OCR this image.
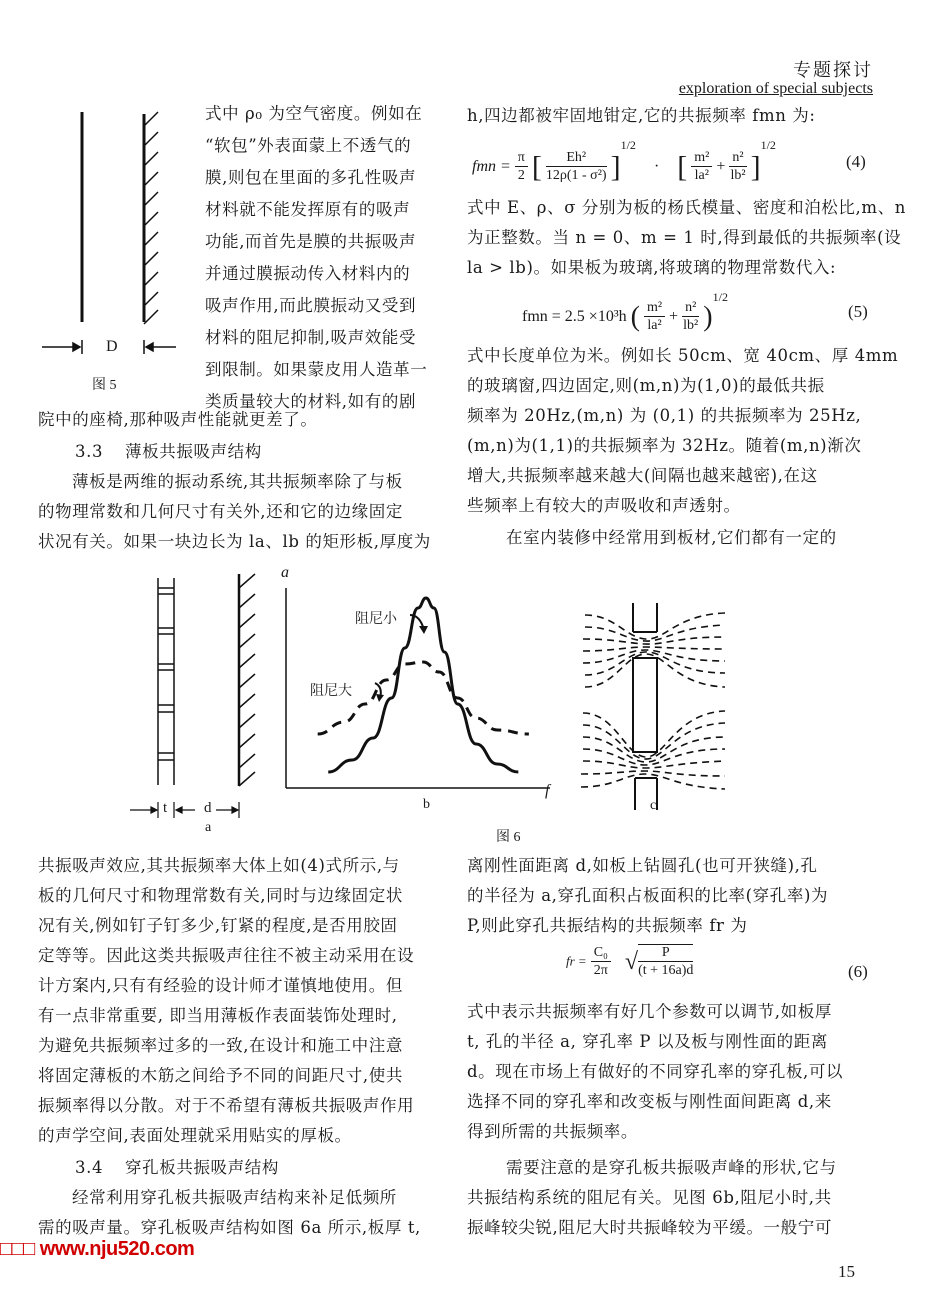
专题探讨
exploration of special subjects
D
图 5
式中 ρ₀ 为空气密度。例如在
“软包”外表面蒙上不透气的
膜,则包在里面的多孔性吸声
材料就不能发挥原有的吸声
功能,而首先是膜的共振吸声
并通过膜振动传入材料内的
吸声作用,而此膜振动又受到
材料的阻尼抑制,吸声效能受
到限制。如果蒙皮用人造革一
类质量较大的材料,如有的剧
院中的座椅,那种吸声性能就更差了。
3.3 薄板共振吸声结构
薄板是两维的振动系统,其共振频率除了与板
的物理常数和几何尺寸有关外,还和它的边缘固定
状况有关。如果一块边长为 la、lb 的矩形板,厚度为
h,四边都被牢固地钳定,它的共振频率 fmn 为:
fmn = $\frac{\pi}{2}$ [ $\frac{\text{Eh²}}{\text{12ρ(1 - σ²)}} ]^{1/2}$ · [ $\frac{\text{m²}}{\text{la²}} + \frac{\text{n²}}{\text{lb²}} ]^{1/2}$
(4)
式中 E、ρ、σ 分别为板的杨氏模量、密度和泊松比,m、n
为正整数。当 n = 0、m = 1 时,得到最低的共振频率(设
la > lb)。如果板为玻璃,将玻璃的物理常数代入:
fmn = 2.5 ×10³h ( $\frac{\text{m²}}{\text{la²}} + \frac{\text{n²}}{\text{lb²}} )^{1/2}$
(5)
式中长度单位为米。例如长 50cm、宽 40cm、厚 4mm
的玻璃窗,四边固定,则(m,n)为(1,0)的最低共振
频率为 20Hz,(m,n) 为 (0,1) 的共振频率为 25Hz,
(m,n)为(1,1)的共振频率为 32Hz。随着(m,n)渐次
增大,共振频率越来越大(间隔也越来越密),在这
些频率上有较大的声吸收和声透射。
在室内装修中经常用到板材,它们都有一定的
t d
a
a
f
阻尼小
阻尼大
b	c
图 6
共振吸声效应,其共振频率大体上如(4)式所示,与
板的几何尺寸和物理常数有关,同时与边缘固定状
况有关,例如钉子钉多少,钉紧的程度,是否用胶固
定等等。因此这类共振吸声往往不被主动采用在设
计方案内,只有有经验的设计师才谨慎地使用。但
有一点非常重要, 即当用薄板作表面装饰处理时,
为避免共振频率过多的一致,在设计和施工中注意
将固定薄板的木筋之间给予不同的间距尺寸,使共
振频率得以分散。对于不希望有薄板共振吸声作用
的声学空间,表面处理就采用贴实的厚板。
3.4 穿孔板共振吸声结构
经常利用穿孔板共振吸声结构来补足低频所
需的吸声量。穿孔板吸声结构如图 6a 所示,板厚 t,
离刚性面距离 d,如板上钻圆孔(也可开狭缝),孔
的半径为 a,穿孔面积占板面积的比率(穿孔率)为
P,则此穿孔共振结构的共振频率 fr 为
fr = $\frac{\text{C₀}}{2\pi}$ √ $\frac{P}{(t + 16a)d}$	(6)
式中表示共振频率有好几个参数可以调节,如板厚
t, 孔的半径 a, 穿孔率 P 以及板与刚性面的距离
d。现在市场上有做好的不同穿孔率的穿孔板,可以
选择不同的穿孔率和改变板与刚性面间距离 d,来
得到所需的共振频率。
需要注意的是穿孔板共振吸声峰的形状,它与
共振结构系统的阻尼有关。见图 6b,阻尼小时,共
振峰较尖锐,阻尼大时共振峰较为平缓。一般宁可
□□□ www.nju520.com
15
